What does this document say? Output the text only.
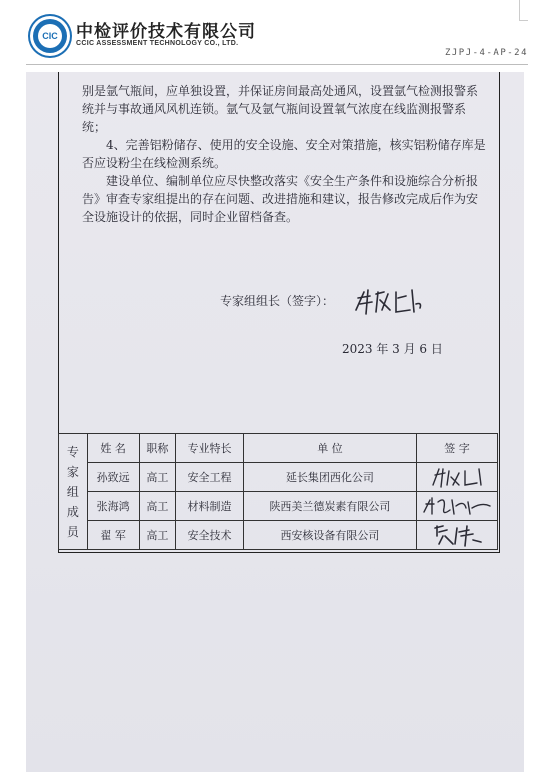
CIC 中检评价技术有限公司
CCIC ASSESSMENT TECHNOLOGY CO., LTD.
ZJPJ-4-AP-24

别是氩气瓶间，应单独设置，并保证房间最高处通风，设置氩气检测报警系统并与事故通风风机连锁。氩气及氩气瓶间设置氧气浓度在线监测报警系统；

4、完善铝粉储存、使用的安全设施、安全对策措施，核实铝粉储存库是否应设粉尘在线检测系统。

建设单位、编制单位应尽快整改落实《安全生产条件和设施综合分析报告》审查专家组提出的存在问题、改进措施和建议，报告修改完成后作为安全设施设计的依据，同时企业留档备查。

专家组组长（签字）：
2023 年 3 月 6 日
专家组成员	姓 名	职称	专业特长	单 位	签 字
	孙致远	高工	安全工程	延长集团西化公司	
	张海鸿	高工	材料制造	陕西美兰德炭素有限公司	
	翟 军	高工	安全技术	西安核设备有限公司	
